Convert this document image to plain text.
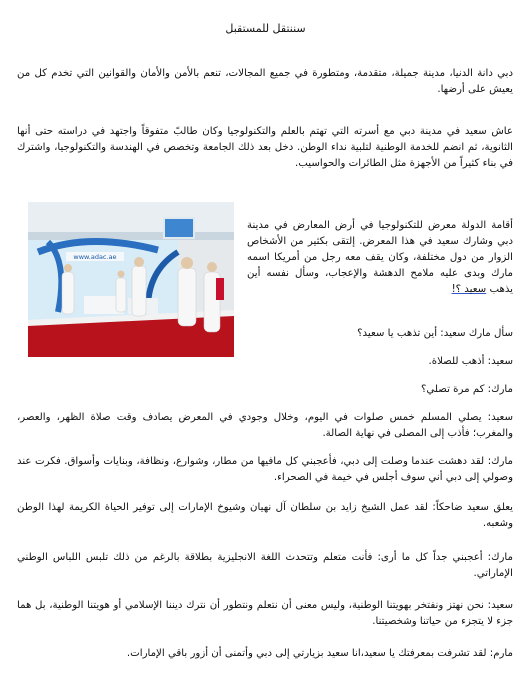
سننتقل للمستقبل

دبي دانة الدنيا، مدينة جميلة، متقدمة، ومتطورة في جميع المجالات، تنعم بالأمن والأمان والقوانين التي تخدم كل من يعيش على أرضها.

عاش سعيد في مدينة دبي مع أسرته التي تهتم بالعلم والتكنولوجيا وكان طالبً متفوقاً واجتهد في دراسته حتى أنها الثانوية، ثم انضم للخدمة الوطنية لتلبية نداء الوطن. دخل بعد ذلك الجامعة وتخصص في الهندسة والتكنولوجيا، واشترك في بناء كثيراً من الأجهزة مثل الطائرات والحواسيب.

www.adac.ae

أقامة الدولة معرض للتكنولوجيا في أرض المعارض في مدينة دبي وشارك سعيد في هذا المعرض. إلتقى بكثير من الأشخاص الزوار من دول مختلفة، وكان يقف معه رجل من أمريكا اسمه مارك وبدى عليه ملامح الدهشة والإعجاب، وسأل نفسه أين يذهب سعيد ؟!

سأل مارك سعيد: أين تذهب يا سعيد؟

سعيد: أذهب للصلاة.

مارك: كم مرة تصلي؟

سعيد: يصلي المسلم خمس صلوات في اليوم، وخلال وجودي في المعرض يصادف وقت صلاة الظهر، والعصر، والمغرب؛ فأذب إلى المصلى في نهاية الصالة.

مارك: لقد دهشت عندما وصلت إلى دبي، فأعجبني كل مافيها من مطار، وشوارع، ونظافة، وبنايات وأسواق. فكرت عند وصولي إلى دبي أني سوف أجلس في خيمة في الصحراء.

يعلق سعيد ضاحكاً: لقد عمل الشيخ زايد بن سلطان آل نهيان وشيوخ الإمارات إلى توفير الحياة الكريمة لهذا الوطن وشعبه.

مارك: أعجبني جداً كل ما أرى: فأنت متعلم وتتحدث اللغة الانجليزية بطلاقة بالرغم من ذلك تلبس اللباس الوطني الإماراتي.

سعيد: نحن نهتز ونفتخر بهويتنا الوطنية، وليس معنى أن نتعلم ونتطور أن نترك ديننا الإسلامي أو هويتنا الوطنية، بل هما جزء لا يتجزء من حياتنا وشخصيتنا.

مارم: لقد تشرفت بمعرفتك يا سعيد،انا سعيد بزيارتي إلى دبي وأتمنى أن أزور باقي الإمارات.
